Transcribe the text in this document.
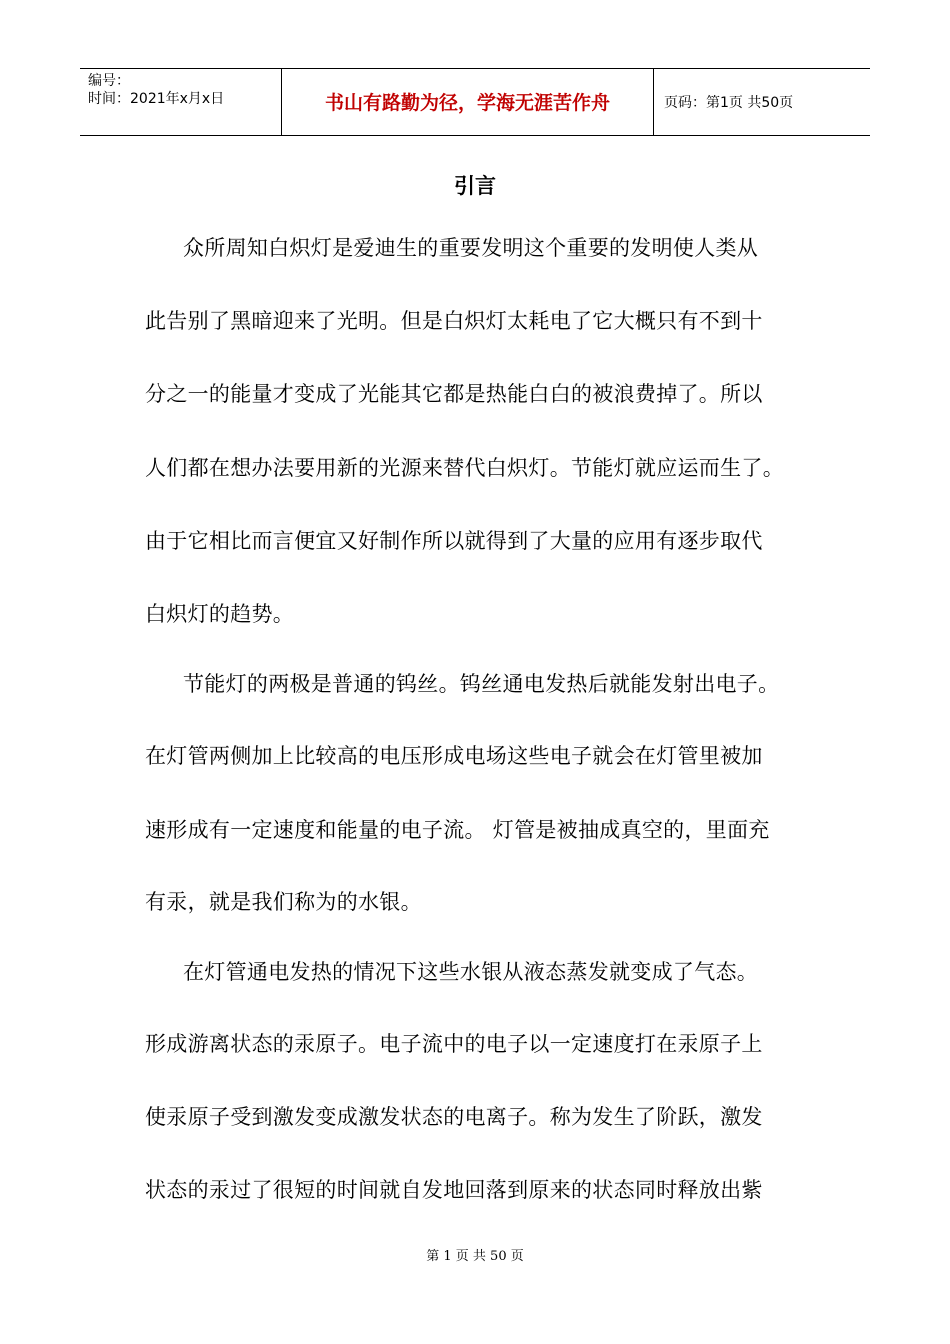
编号：
时间：2021年x月x日	书山有路勤为径，学海无涯苦作舟	页码：第1页 共50页
引言
众所周知白炽灯是爱迪生的重要发明这个重要的发明使人类从
此告别了黑暗迎来了光明。但是白炽灯太耗电了它大概只有不到十
分之一的能量才变成了光能其它都是热能白白的被浪费掉了。所以
人们都在想办法要用新的光源来替代白炽灯。节能灯就应运而生了。
由于它相比而言便宜又好制作所以就得到了大量的应用有逐步取代
白炽灯的趋势。
节能灯的两极是普通的钨丝。钨丝通电发热后就能发射出电子。
在灯管两侧加上比较高的电压形成电场这些电子就会在灯管里被加
速形成有一定速度和能量的电子流。 灯管是被抽成真空的，里面充
有汞，就是我们称为的水银。
在灯管通电发热的情况下这些水银从液态蒸发就变成了气态。
形成游离状态的汞原子。电子流中的电子以一定速度打在汞原子上
使汞原子受到激发变成激发状态的电离子。称为发生了阶跃，激发
状态的汞过了很短的时间就自发地回落到原来的状态同时释放出紫
第 1 页 共 50 页
